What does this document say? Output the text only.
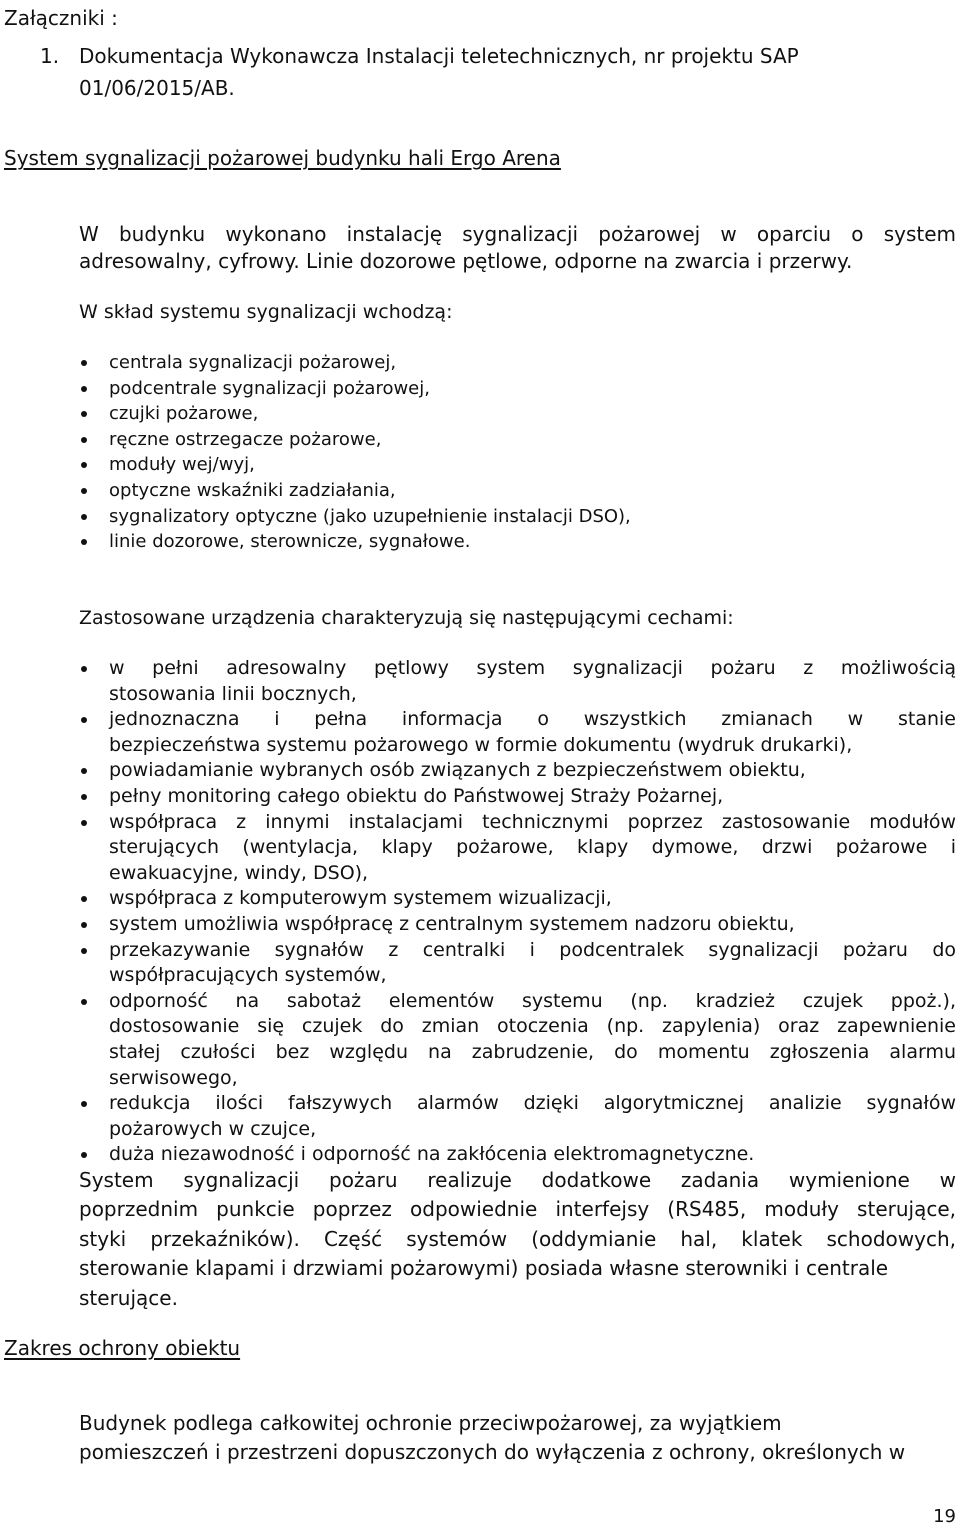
Załączniki :
1. Dokumentacja Wykonawcza Instalacji teletechnicznych, nr projektu SAP
01/06/2015/AB.
System sygnalizacji pożarowej budynku hali Ergo Arena
W budynku wykonano instalację sygnalizacji pożarowej w oparciu o system
adresowalny, cyfrowy. Linie dozorowe pętlowe, odporne na zwarcia i przerwy.
W skład systemu sygnalizacji wchodzą:
centrala sygnalizacji pożarowej,
podcentrale sygnalizacji pożarowej,
czujki pożarowe,
ręczne ostrzegacze pożarowe,
moduły wej/wyj,
optyczne wskaźniki zadziałania,
sygnalizatory optyczne (jako uzupełnienie instalacji DSO),
linie dozorowe, sterownicze, sygnałowe.
Zastosowane urządzenia charakteryzują się następującymi cechami:
w pełni adresowalny pętlowy system sygnalizacji pożaru z możliwością
stosowania linii bocznych,
jednoznaczna i pełna informacja o wszystkich zmianach w stanie
bezpieczeństwa systemu pożarowego w formie dokumentu (wydruk drukarki),
powiadamianie wybranych osób związanych z bezpieczeństwem obiektu,
pełny monitoring całego obiektu do Państwowej Straży Pożarnej,
współpraca z innymi instalacjami technicznymi poprzez zastosowanie modułów
sterujących (wentylacja, klapy pożarowe, klapy dymowe, drzwi pożarowe i
ewakuacyjne, windy, DSO),
współpraca z komputerowym systemem wizualizacji,
system umożliwia współpracę z centralnym systemem nadzoru obiektu,
przekazywanie sygnałów z centralki i podcentralek sygnalizacji pożaru do
współpracujących systemów,
odporność na sabotaż elementów systemu (np. kradzież czujek ppoż.),
dostosowanie się czujek do zmian otoczenia (np. zapylenia) oraz zapewnienie
stałej czułości bez względu na zabrudzenie, do momentu zgłoszenia alarmu
serwisowego,
redukcja ilości fałszywych alarmów dzięki algorytmicznej analizie sygnałów
pożarowych w czujce,
duża niezawodność i odporność na zakłócenia elektromagnetyczne.
System sygnalizacji pożaru realizuje dodatkowe zadania wymienione w
poprzednim punkcie poprzez odpowiednie interfejsy (RS485, moduły sterujące,
styki przekaźników). Część systemów (oddymianie hal, klatek schodowych,
sterowanie klapami i drzwiami pożarowymi) posiada własne sterowniki i centrale
sterujące.
Zakres ochrony obiektu
Budynek podlega całkowitej ochronie przeciwpożarowej, za wyjątkiem
pomieszczeń i przestrzeni dopuszczonych do wyłączenia z ochrony, określonych w
19
